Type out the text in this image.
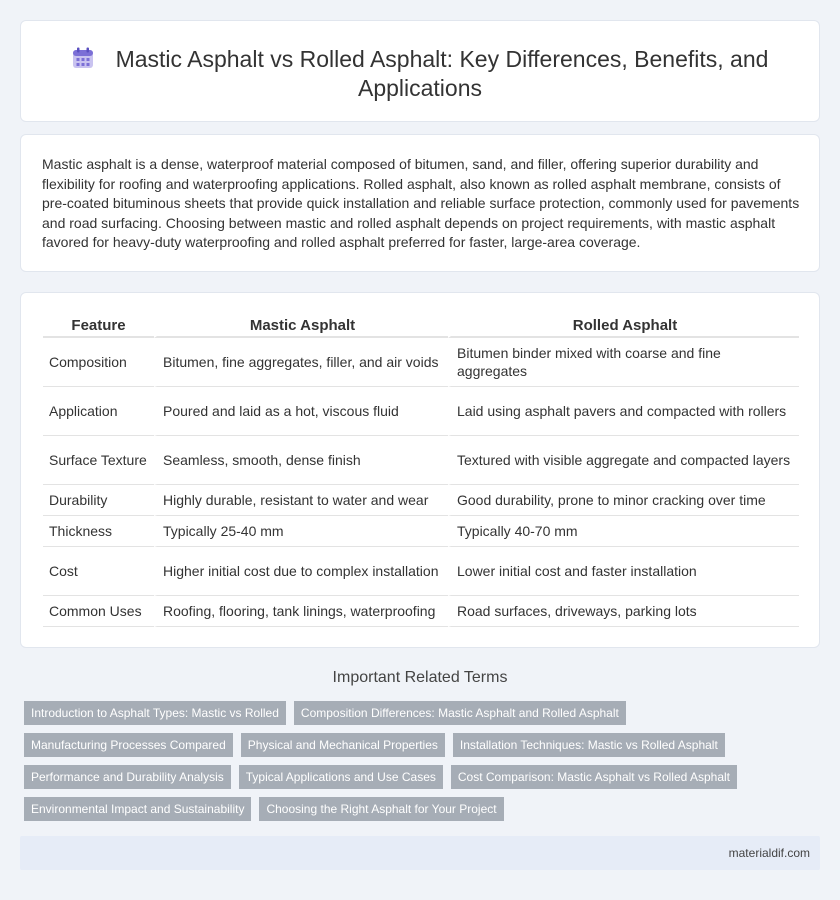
Mastic Asphalt vs Rolled Asphalt: Key Differences, Benefits, and Applications

Mastic asphalt is a dense, waterproof material composed of bitumen, sand, and filler, offering superior durability and flexibility for roofing and waterproofing applications. Rolled asphalt, also known as rolled asphalt membrane, consists of pre-coated bituminous sheets that provide quick installation and reliable surface protection, commonly used for pavements and road surfacing. Choosing between mastic and rolled asphalt depends on project requirements, with mastic asphalt favored for heavy-duty waterproofing and rolled asphalt preferred for faster, large-area coverage.

Feature	Mastic Asphalt	Rolled Asphalt
Composition	Bitumen, fine aggregates, filler, and air voids	Bitumen binder mixed with coarse and fine aggregates
Application	Poured and laid as a hot, viscous fluid	Laid using asphalt pavers and compacted with rollers
Surface Texture	Seamless, smooth, dense finish	Textured with visible aggregate and compacted layers
Durability	Highly durable, resistant to water and wear	Good durability, prone to minor cracking over time
Thickness	Typically 25-40 mm	Typically 40-70 mm
Cost	Higher initial cost due to complex installation	Lower initial cost and faster installation
Common Uses	Roofing, flooring, tank linings, waterproofing	Road surfaces, driveways, parking lots
Important Related Terms
Introduction to Asphalt Types: Mastic vs Rolled	Composition Differences: Mastic Asphalt and Rolled Asphalt
Manufacturing Processes Compared	Physical and Mechanical Properties	Installation Techniques: Mastic vs Rolled Asphalt
Performance and Durability Analysis	Typical Applications and Use Cases	Cost Comparison: Mastic Asphalt vs Rolled Asphalt
Environmental Impact and Sustainability	Choosing the Right Asphalt for Your Project
materialdif.com
